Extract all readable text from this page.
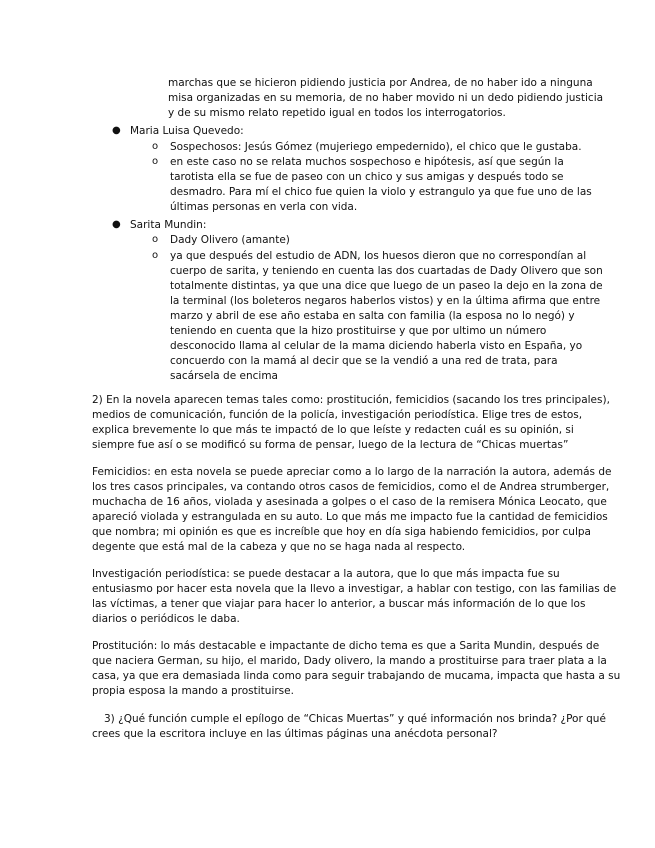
marchas que se hicieron pidiendo justicia por Andrea, de no haber ido a ninguna
misa organizadas en su memoria, de no haber movido ni un dedo pidiendo justicia
y de su mismo relato repetido igual en todos los interrogatorios.
● Maria Luisa Quevedo:
o Sospechosos: Jesús Gómez (mujeriego empedernido), el chico que le gustaba.
o en este caso no se relata muchos sospechoso e hipótesis, así que según la
tarotista ella se fue de paseo con un chico y sus amigas y después todo se
desmadro. Para mí el chico fue quien la violo y estrangulo ya que fue uno de las
últimas personas en verla con vida.
● Sarita Mundin:
o Dady Olivero (amante)
o ya que después del estudio de ADN, los huesos dieron que no correspondían al
cuerpo de sarita, y teniendo en cuenta las dos cuartadas de Dady Olivero que son
totalmente distintas, ya que una dice que luego de un paseo la dejo en la zona de
la terminal (los boleteros negaros haberlos vistos) y en la última afirma que entre
marzo y abril de ese año estaba en salta con familia (la esposa no lo negó) y
teniendo en cuenta que la hizo prostituirse y que por ultimo un número
desconocido llama al celular de la mama diciendo haberla visto en España, yo
concuerdo con la mamá al decir que se la vendió a una red de trata, para
sacársela de encima
2) En la novela aparecen temas tales como: prostitución, femicidios (sacando los tres principales),
medios de comunicación, función de la policía, investigación periodística. Elige tres de estos,
explica brevemente lo que más te impactó de lo que leíste y redacten cuál es su opinión, si
siempre fue así o se modificó su forma de pensar, luego de la lectura de “Chicas muertas”
Femicidios: en esta novela se puede apreciar como a lo largo de la narración la autora, además de
los tres casos principales, va contando otros casos de femicidios, como el de Andrea strumberger,
muchacha de 16 años, violada y asesinada a golpes o el caso de la remisera Mónica Leocato, que
apareció violada y estrangulada en su auto. Lo que más me impacto fue la cantidad de femicidios
que nombra; mi opinión es que es increíble que hoy en día siga habiendo femicidios, por culpa
degente que está mal de la cabeza y que no se haga nada al respecto.
Investigación periodística: se puede destacar a la autora, que lo que más impacta fue su
entusiasmo por hacer esta novela que la llevo a investigar, a hablar con testigo, con las familias de
las víctimas, a tener que viajar para hacer lo anterior, a buscar más información de lo que los
diarios o periódicos le daba.
Prostitución: lo más destacable e impactante de dicho tema es que a Sarita Mundin, después de
que naciera German, su hijo, el marido, Dady olivero, la mando a prostituirse para traer plata a la
casa, ya que era demasiada linda como para seguir trabajando de mucama, impacta que hasta a su
propia esposa la mando a prostituirse.
3) ¿Qué función cumple el epílogo de “Chicas Muertas” y qué información nos brinda? ¿Por qué
crees que la escritora incluye en las últimas páginas una anécdota personal?
